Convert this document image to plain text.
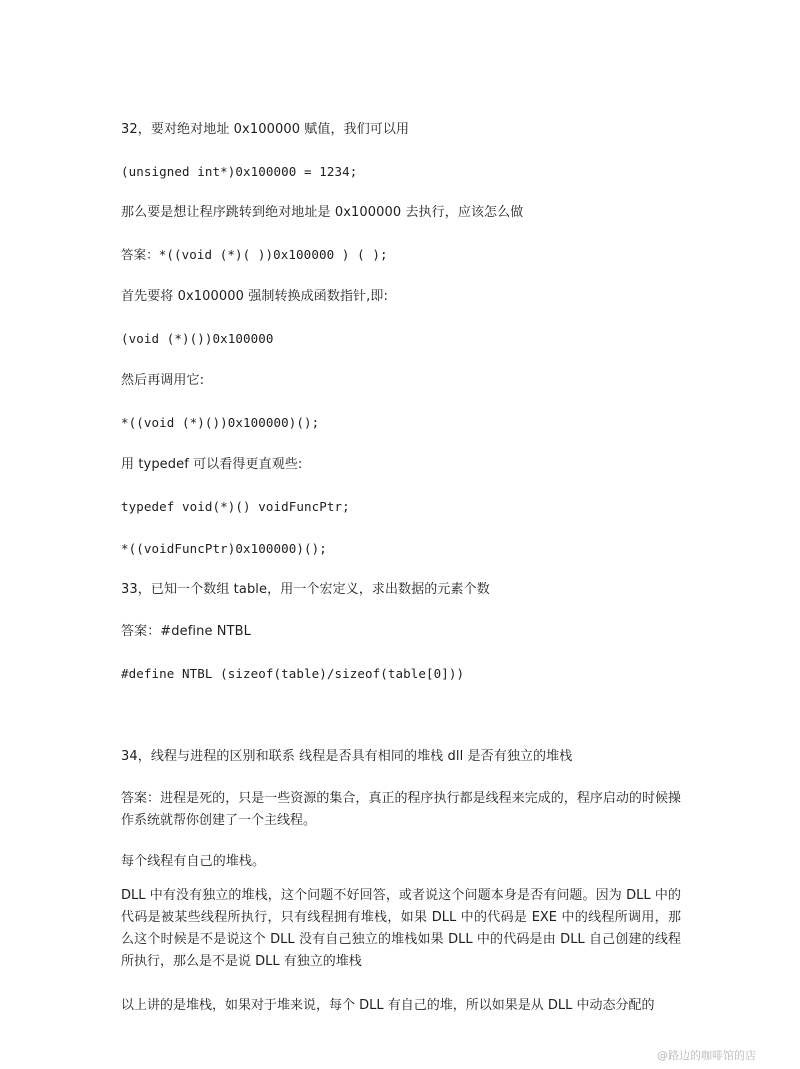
32，要对绝对地址 0x100000 赋值，我们可以用
(unsigned int*)0x100000 = 1234;
那么要是想让程序跳转到绝对地址是 0x100000 去执行，应该怎么做
答案：*((void (*)( ))0x100000 ) ( );
首先要将 0x100000 强制转换成函数指针,即:
(void (*)())0x100000
然后再调用它:
*((void (*)())0x100000)();
用 typedef 可以看得更直观些:
typedef void(*)() voidFuncPtr;
*((voidFuncPtr)0x100000)();
33，已知一个数组 table，用一个宏定义，求出数据的元素个数
答案：#define NTBL
#define NTBL (sizeof(table)/sizeof(table[0]))
34，线程与进程的区别和联系 线程是否具有相同的堆栈 dll 是否有独立的堆栈
答案：进程是死的，只是一些资源的集合，真正的程序执行都是线程来完成的，程序启动的时候操作系统就帮你创建了一个主线程。
每个线程有自己的堆栈。
DLL 中有没有独立的堆栈，这个问题不好回答，或者说这个问题本身是否有问题。因为 DLL 中的代码是被某些线程所执行，只有线程拥有堆栈，如果 DLL 中的代码是 EXE 中的线程所调用，那么这个时候是不是说这个 DLL 没有自己独立的堆栈如果 DLL 中的代码是由 DLL 自己创建的线程所执行，那么是不是说 DLL 有独立的堆栈
以上讲的是堆栈，如果对于堆来说，每个 DLL 有自己的堆，所以如果是从 DLL 中动态分配的
@路边的咖啡馆的店
